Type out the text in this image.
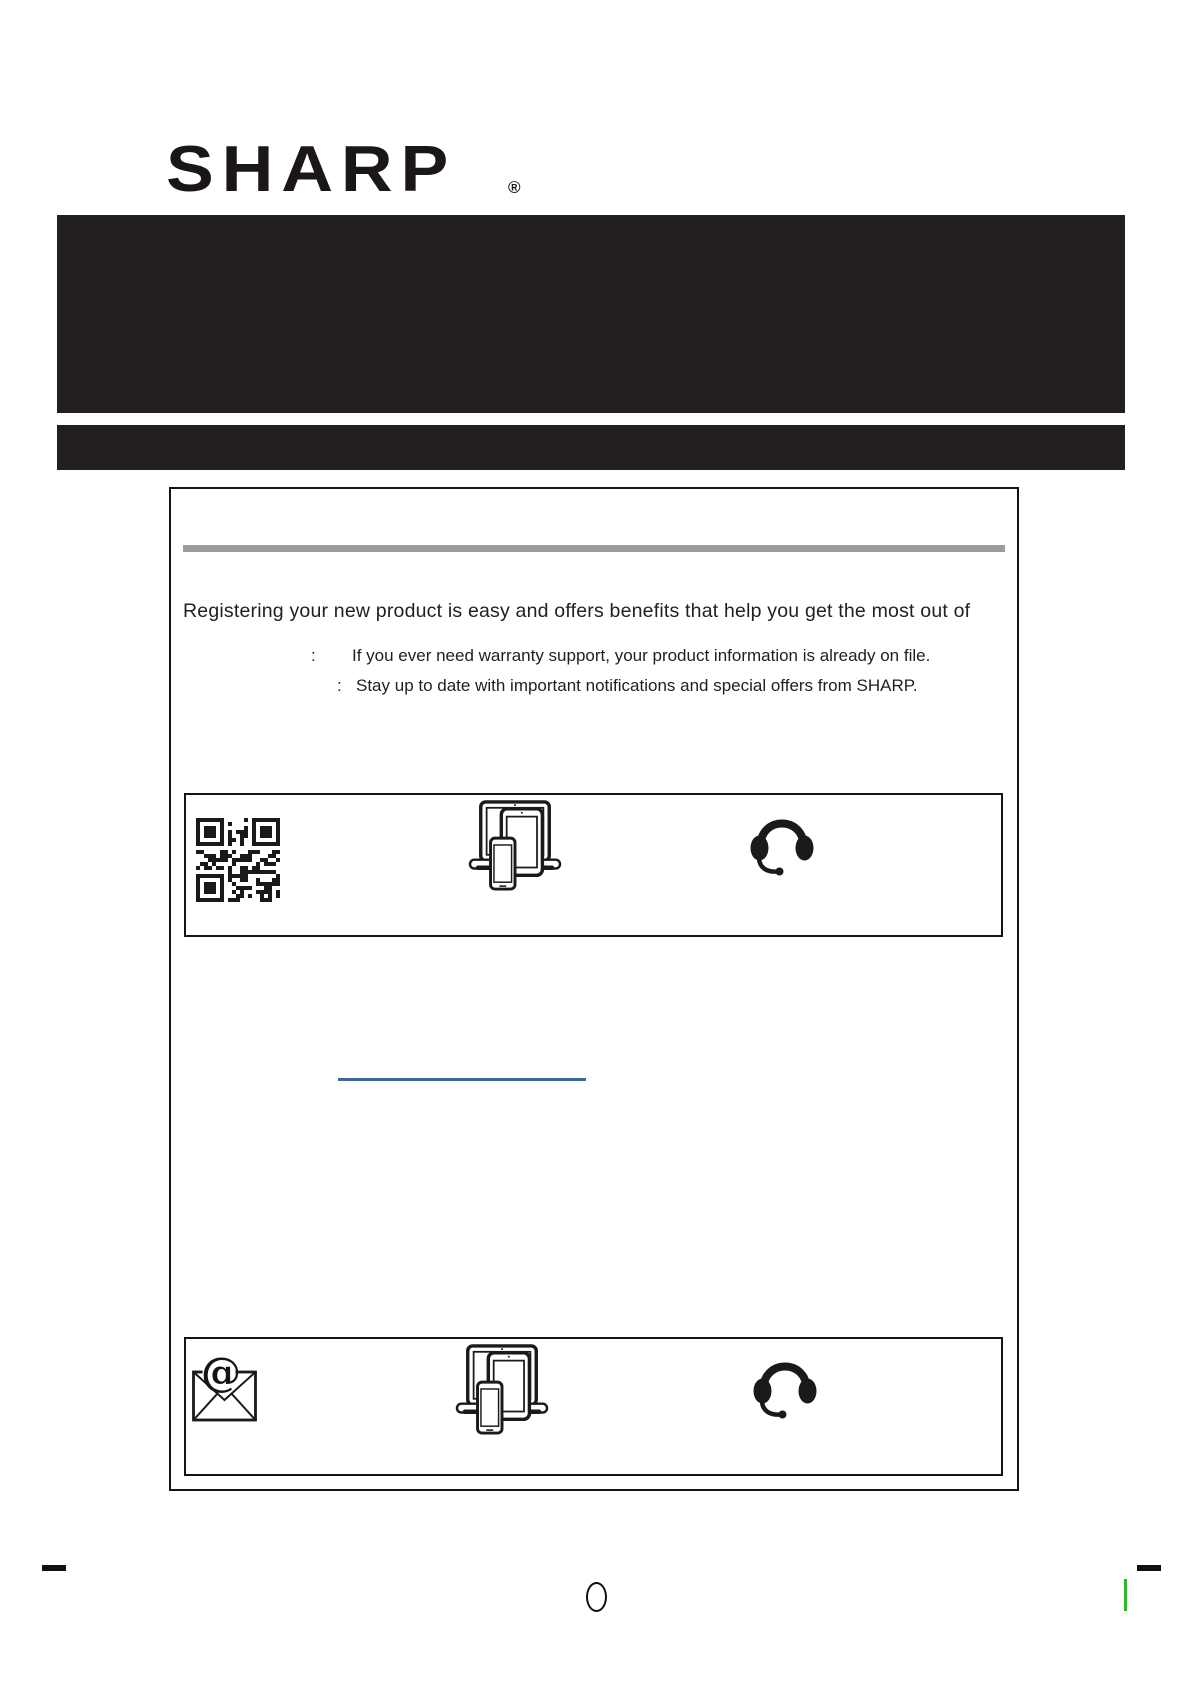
SHARP	®
Registering your new product is easy and offers benefits that help you get the most out of
: If you ever need warranty support, your product information is already on file.
: Stay up to date with important notifications and special offers from SHARP.
@
